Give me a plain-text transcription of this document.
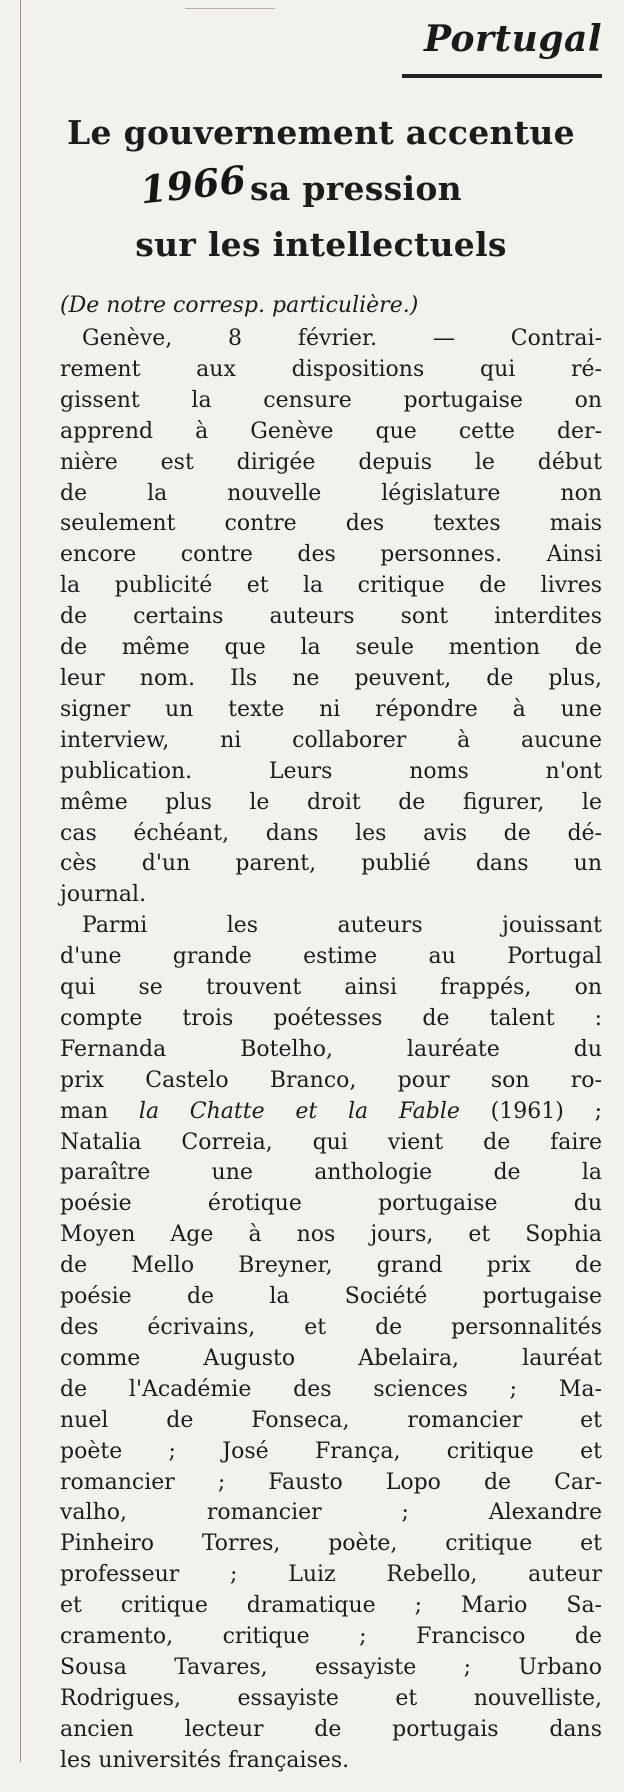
Portugal
Le gouvernement accentue
sa pression
sur les intellectuels
1966
(De notre corresp. particulière.)
Genève, 8 février. — Contrai-
rement aux dispositions qui ré-
gissent la censure portugaise on
apprend à Genève que cette der-
nière est dirigée depuis le début
de la nouvelle législature non
seulement contre des textes mais
encore contre des personnes. Ainsi
la publicité et la critique de livres
de certains auteurs sont interdites
de même que la seule mention de
leur nom. Ils ne peuvent, de plus,
signer un texte ni répondre à une
interview, ni collaborer à aucune
publication. Leurs noms n'ont
même plus le droit de figurer, le
cas échéant, dans les avis de dé-
cès d'un parent, publié dans un
journal.
Parmi les auteurs jouissant
d'une grande estime au Portugal
qui se trouvent ainsi frappés, on
compte trois poétesses de talent :
Fernanda Botelho, lauréate du
prix Castelo Branco, pour son ro-
man la Chatte et la Fable (1961) ;
Natalia Correia, qui vient de faire
paraître une anthologie de la
poésie érotique portugaise du
Moyen Age à nos jours, et Sophia
de Mello Breyner, grand prix de
poésie de la Société portugaise
des écrivains, et de personnalités
comme Augusto Abelaira, lauréat
de l'Académie des sciences ; Ma-
nuel de Fonseca, romancier et
poète ; José França, critique et
romancier ; Fausto Lopo de Car-
valho, romancier ; Alexandre
Pinheiro Torres, poète, critique et
professeur ; Luiz Rebello, auteur
et critique dramatique ; Mario Sa-
cramento, critique ; Francisco de
Sousa Tavares, essayiste ; Urbano
Rodrigues, essayiste et nouvelliste,
ancien lecteur de portugais dans
les universités françaises.
